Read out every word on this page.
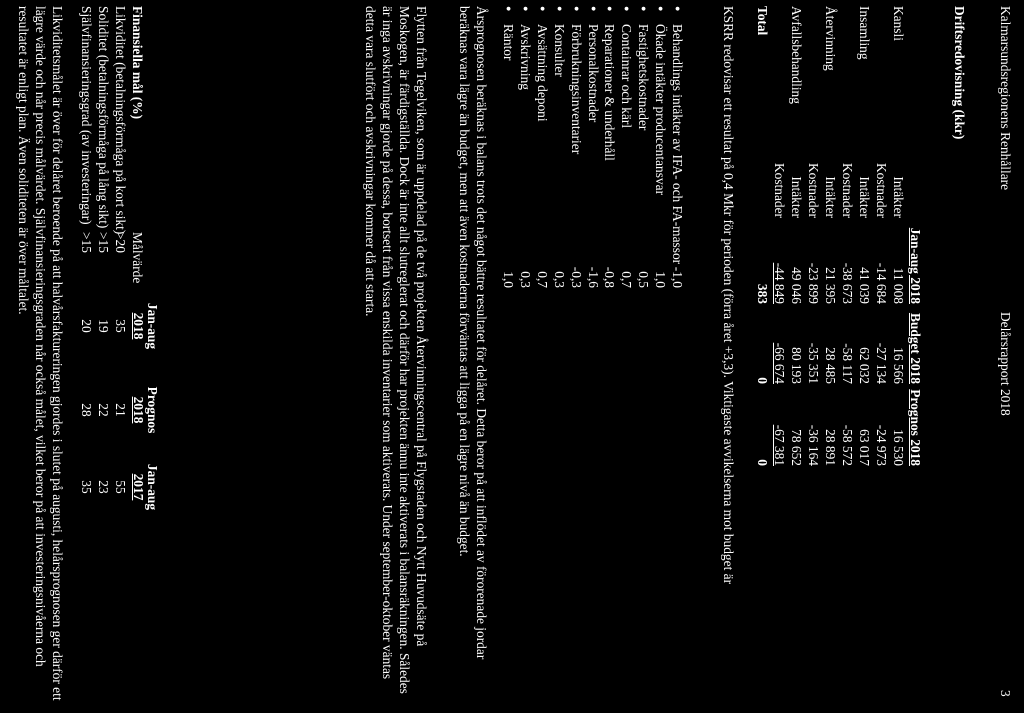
Kalmarsundsregionens Renhållare
Delårsrapport 2018
3
Driftsredovisning (kkr)
Jan-aug 2018
Budget 2018
Prognos 2018
Kansli
Intäkter
11 008
16 566
16 530
Kostnader
-14 684
-27 134
-24 973
Insamling
Intäkter
41 039
62 032
63 017
Kostnader
-38 673
-58 117
-58 572
Återvinning
Intäkter
21 395
28 485
28 891
Kostnader
-23 899
-35 351
-36 164
Avfallsbehandling
Intäkter
49 046
80 193
78 652
Kostnader
-44 849
-66 674
-67 381
Total
383
0
0
KSRR redovisar ett resultat på 0,4 Mkr för perioden (förra året +3,3). Viktigaste avvikelserna mot budget är
● Behandlings intäkter av IFA- och FA-massor
-1,0
● Ökade intäkter producentansvar
1,0
● Fastighetskostnader
0,5
● Containrar och kärl
0,7
● Reparationer & underhåll
-0,8
● Personalkostnader
-1,6
● Förbrukningsinventarier
-0,3
● Konsulter
0,3
● Avsättning deponi
0,7
● Avskrivning
0,3
● Räntor
1,0
Årsprognosen beräknas i balans trots det något bättre resultatet för delåret. Detta beror på att inflödet av förorenade jordar beräknas vara lägre än budget, men att även kostnaderna förväntas att ligga på en lägre nivå än budget.
Flytten från Tegelviken, som är uppdelad på de två projekten Återvinningscentral på Flygstaden och Nytt Huvudsäte på Moskogen, är färdigställda. Dock är inte allt slutreglerat och därför har projekten ännu inte aktiverats i balansräkningen. Således är inga avskrivningar gjorde på dessa, bortsett från vissa enskilda inventarier som aktiverats. Under september-oktober väntas detta vara slutfört och avskrivningar kommer då att starta.
Jan-aug
2018
Prognos
2018
Jan-aug
2017
Finansiella mål (%)
Målvärde
Likviditet (betalningsförmåga på kort sikt)
>20
35
21
55
Soliditet (betalningsförmåga på lång sikt)
>15
19
22
23
Självfinansieringsgrad (av investeringar)
>15
20
28
35
Likviditetsmålet är över för delåret beroende på att halvårsfaktureringen gjordes i slutet på augusti, helårsprognosen ger därför ett lägre värde och når precis målvärdet. Självfinansieringsgraden når också målet, vilket beror på att investeringsnivåerna och resultatet är enligt plan. Även soliditeten är över måltalet.
